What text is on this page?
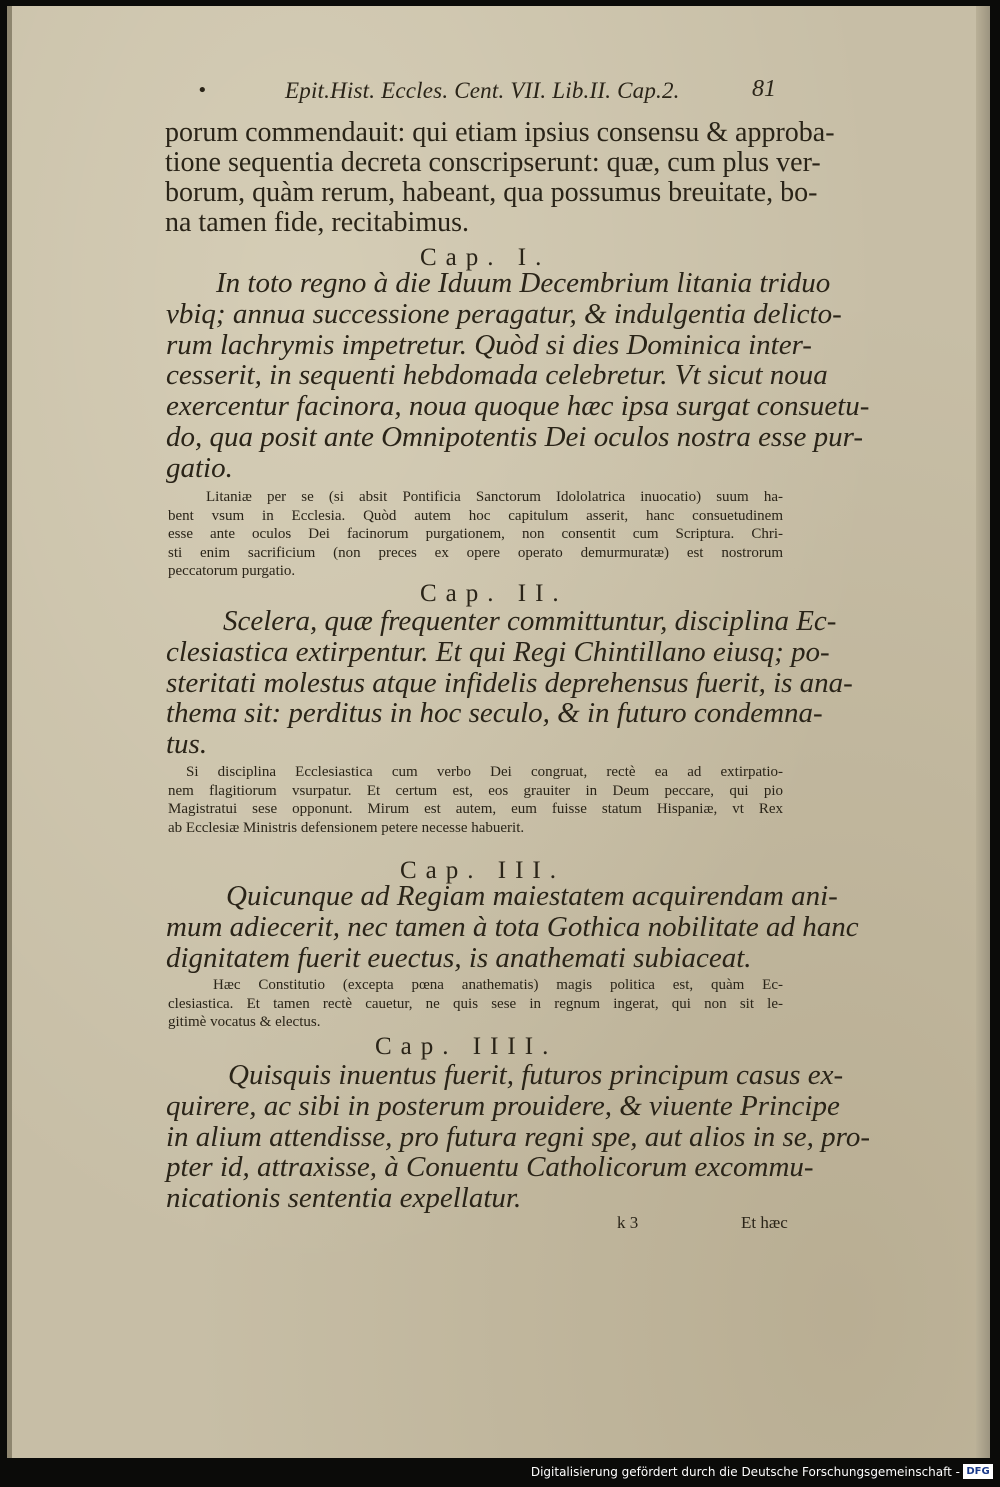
•	Epit.Hist. Eccles. Cent. VII. Lib.II. Cap.2.	81
porum commendauit: qui etiam ipsius consensu & approba-
tione sequentia decreta conscripserunt: quæ, cum plus ver-
borum, quàm rerum, habeant, qua possumus breuitate, bo-
na tamen fide, recitabimus.
Cap. I.
In toto regno à die Iduum Decembrium litania triduo
vbiq; annua successione peragatur, & indulgentia delicto-
rum lachrymis impetretur. Quòd si dies Dominica inter-
cesserit, in sequenti hebdomada celebretur. Vt sicut noua
exercentur facinora, noua quoque hæc ipsa surgat consuetu-
do, qua posit ante Omnipotentis Dei oculos nostra esse pur-
gatio.
Litaniæ per se (si absit Pontificia Sanctorum Idololatrica inuocatio) suum ha-
bent vsum in Ecclesia. Quòd autem hoc capitulum asserit, hanc consuetudinem
esse ante oculos Dei facinorum purgationem, non consentit cum Scriptura. Chri-
sti enim sacrificium (non preces ex opere operato demurmuratæ) est nostrorum
peccatorum purgatio.
Cap. II.
Scelera, quæ frequenter committuntur, disciplina Ec-
clesiastica extirpentur. Et qui Regi Chintillano eiusq; po-
steritati molestus atque infidelis deprehensus fuerit, is ana-
thema sit: perditus in hoc seculo, & in futuro condemna-
tus.
Si disciplina Ecclesiastica cum verbo Dei congruat, rectè ea ad extirpatio-
nem flagitiorum vsurpatur. Et certum est, eos grauiter in Deum peccare, qui pio
Magistratui sese opponunt. Mirum est autem, eum fuisse statum Hispaniæ, vt Rex
ab Ecclesiæ Ministris defensionem petere necesse habuerit.
Cap. III.
Quicunque ad Regiam maiestatem acquirendam ani-
mum adiecerit, nec tamen à tota Gothica nobilitate ad hanc
dignitatem fuerit euectus, is anathemati subiaceat.
Hæc Constitutio (excepta pœna anathematis) magis politica est, quàm Ec-
clesiastica. Et tamen rectè cauetur, ne quis sese in regnum ingerat, qui non sit le-
gitimè vocatus & electus.
Cap. IIII.
Quisquis inuentus fuerit, futuros principum casus ex-
quirere, ac sibi in posterum prouidere, & viuente Principe
in alium attendisse, pro futura regni spe, aut alios in se, pro-
pter id, attraxisse, à Conuentu Catholicorum excommu-
nicationis sententia expellatur.
k 3	Et hæc
Digitalisierung gefördert durch die Deutsche Forschungsgemeinschaft - DFG
